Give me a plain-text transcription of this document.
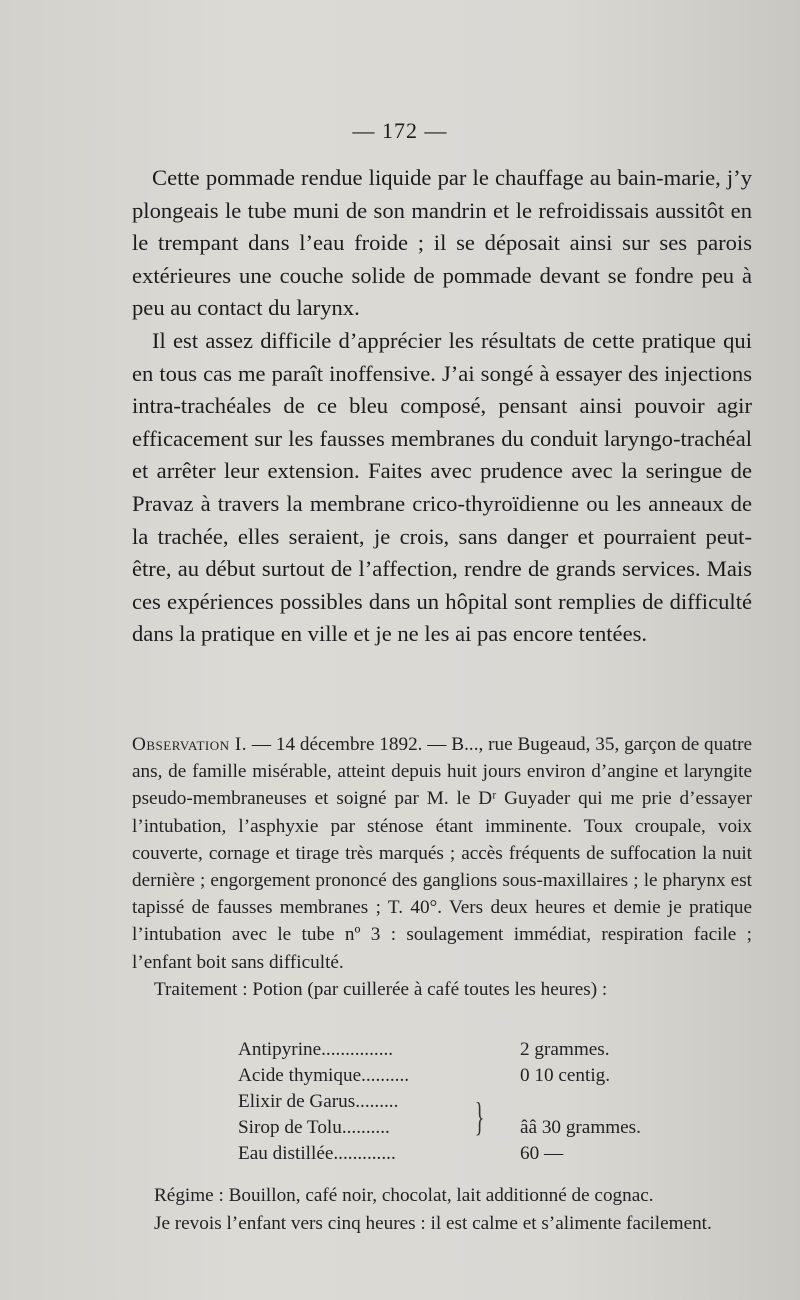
— 172 —

Cette pommade rendue liquide par le chauffage au bain-marie, j’y plongeais le tube muni de son mandrin et le refroidissais aussitôt en le trempant dans l’eau froide ; il se déposait ainsi sur ses parois extérieures une couche solide de pommade devant se fondre peu à peu au contact du larynx.

Il est assez difficile d’apprécier les résultats de cette pratique qui en tous cas me paraît inoffensive. J’ai songé à essayer des injections intra-trachéales de ce bleu composé, pensant ainsi pouvoir agir efficacement sur les fausses membranes du conduit laryngo-trachéal et arrêter leur extension. Faites avec prudence avec la seringue de Pravaz à travers la membrane crico-thyroïdienne ou les anneaux de la trachée, elles seraient, je crois, sans danger et pourraient peut-être, au début surtout de l’affection, rendre de grands services. Mais ces expériences possibles dans un hôpital sont remplies de difficulté dans la pratique en ville et je ne les ai pas encore tentées.

Observation I. — 14 décembre 1892. — B..., rue Bugeaud, 35, garçon de quatre ans, de famille misérable, atteint depuis huit jours environ d’angine et laryngite pseudo-membraneuses et soigné par M. le Dʳ Guyader qui me prie d’essayer l’intubation, l’asphyxie par sténose étant imminente. Toux croupale, voix couverte, cornage et tirage très marqués ; accès fréquents de suffocation la nuit dernière ; engorgement prononcé des ganglions sous-maxillaires ; le pharynx est tapissé de fausses membranes ; T. 40°. Vers deux heures et demie je pratique l’intubation avec le tube nº 3 : soulagement immédiat, respiration facile ; l’enfant boit sans difficulté.

Traitement : Potion (par cuillerée à café toutes les heures) :

Antipyrine...............	2 grammes.
Acide thymique..........	0 10 centig.
Elixir de Garus.........
Sirop de Tolu..........	ââ 30 grammes.
Eau distillée.............	60 —
}

Régime : Bouillon, café noir, chocolat, lait additionné de cognac.

Je revois l’enfant vers cinq heures : il est calme et s’alimente facilement.
